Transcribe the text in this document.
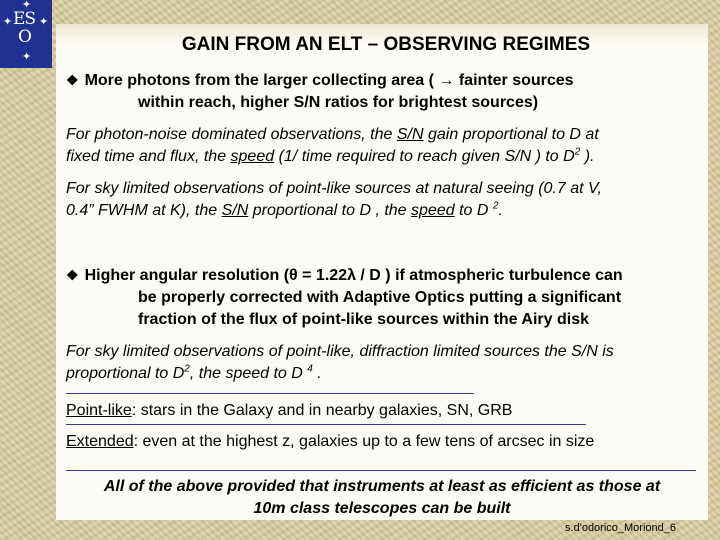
✦
✦ ✦
✦
ES
O	GAIN FROM AN ELT – OBSERVING REGIMES
❖ More photons from the larger collecting area ( → fainter sources
within reach, higher S/N ratios for brightest sources)
For photon-noise dominated observations, the S/N gain proportional to D at
fixed time and flux, the speed (1/ time required to reach given S/N ) to $D^2$ ).
For sky limited observations of point-like sources at natural seeing (0.7 at V,
0.4” FWHM at K), the S/N proportional to D , the speed to D $^2$.
❖ Higher angular resolution (θ = 1.22λ / D ) if atmospheric turbulence can
be properly corrected with Adaptive Optics putting a significant
fraction of the flux of point-like sources within the Airy disk
For sky limited observations of point-like, diffraction limited sources the S/N is
proportional to $D^2$, the speed to D $^4$ .
Point-like: stars in the Galaxy and in nearby galaxies, SN, GRB
Extended: even at the highest z, galaxies up to a few tens of arcsec in size
All of the above provided that instruments at least as efficient as those at
10m class telescopes can be built
s.d'odorico_Moriond_6
